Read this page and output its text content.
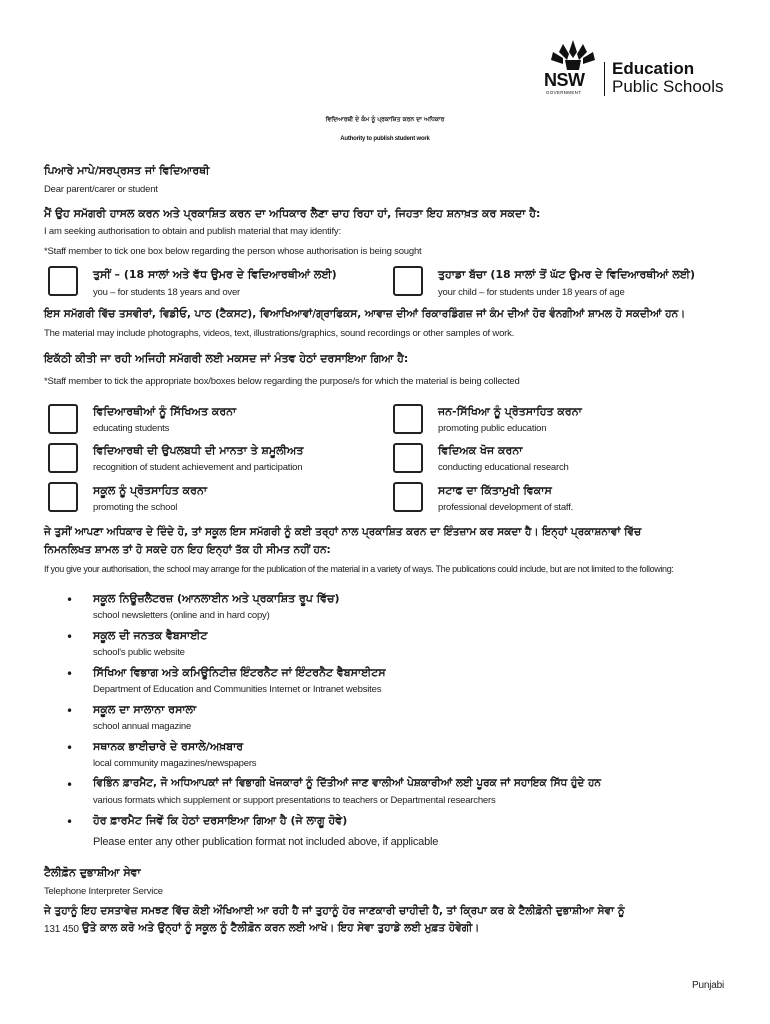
NSW
GOVERNMENT
Education
Public Schools
ਵਿਦਿਆਰਥੀ ਦੇ ਕੰਮ ਨੂੰ ਪ੍ਰਕਾਸ਼ਿਤ ਕਰਨ ਦਾ ਅਧਿਕਾਰ
Authority to publish student work
ਪਿਆਰੇ ਮਾਪੇ/ਸਰਪ੍ਰਸਤ ਜਾਂ ਵਿਦਿਆਰਥੀ
Dear parent/carer or student
ਮੈਂ ਉਹ ਸਮੱਗਰੀ ਹਾਸਲ ਕਰਨ ਅਤੇ ਪ੍ਰਕਾਸ਼ਿਤ ਕਰਨ ਦਾ ਅਧਿਕਾਰ ਲੈਣਾ ਚਾਹ ਰਿਹਾ ਹਾਂ, ਜਿਹਤਾ ਇਹ ਸ਼ਨਾਖ਼ਤ ਕਰ ਸਕਦਾ ਹੈ:
I am seeking authorisation to obtain and publish material that may identify:
*Staff member to tick one box below regarding the person whose authorisation is being sought
ਤੁਸੀਂ – (18 ਸਾਲਾਂ ਅਤੇ ਵੱਧ ਉਮਰ ਦੇ ਵਿਦਿਆਰਥੀਆਂ ਲਈ)
you – for students 18 years and over
ਤੁਹਾਡਾ ਬੱਚਾ (18 ਸਾਲਾਂ ਤੋਂ ਘੱਟ ਉਮਰ ਦੇ ਵਿਦਿਆਰਥੀਆਂ ਲਈ)
your child – for students under 18 years of age
ਇਸ ਸਮੱਗਰੀ ਵਿੱਚ ਤਸਵੀਰਾਂ, ਵਿਡੀਓ, ਪਾਠ (ਟੈਕਸਟ), ਵਿਆਖਿਆਵਾਂ/ਗ੍ਰਾਫਿਕਸ, ਆਵਾਜ਼ ਦੀਆਂ ਰਿਕਾਰਡਿੰਗਜ਼ ਜਾਂ ਕੰਮ ਦੀਆਂ ਹੋਰ ਵੰਨਗੀਆਂ ਸ਼ਾਮਲ ਹੋ ਸਕਦੀਆਂ ਹਨ।
The material may include photographs, videos, text, illustrations/graphics, sound recordings or other samples of work.
ਇਕੱਠੀ ਕੀਤੀ ਜਾ ਰਹੀ ਅਜਿਹੀ ਸਮੱਗਰੀ ਲਈ ਮਕਸਦ ਜਾਂ ਮੰਤਵ ਹੇਠਾਂ ਦਰਸਾਇਆ ਗਿਆ ਹੈ:
*Staff member to tick the appropriate box/boxes below regarding the purpose/s for which the material is being collected
ਵਿਦਿਆਰਥੀਆਂ ਨੂੰ ਸਿੱਖਿਅਤ ਕਰਨਾ
educating students
ਜਨ-ਸਿੱਖਿਆ ਨੂੰ ਪ੍ਰੋਤਸਾਹਿਤ ਕਰਨਾ
promoting public education
ਵਿਦਿਆਰਥੀ ਦੀ ਉਪਲਬਧੀ ਦੀ ਮਾਨਤਾ ਤੇ ਸ਼ਮੂਲੀਅਤ
recognition of student achievement and participation
ਵਿਦਿਅਕ ਖੋਜ ਕਰਨਾ
conducting educational research
ਸਕੂਲ ਨੂੰ ਪ੍ਰੋਤਸਾਹਿਤ ਕਰਨਾ
promoting the school
ਸਟਾਫ ਦਾ ਕਿੱਤਾਮੁਖੀ ਵਿਕਾਸ
professional development of staff.
ਜੇ ਤੁਸੀਂ ਆਪਣਾ ਅਧਿਕਾਰ ਦੇ ਦਿੰਦੇ ਹੋ, ਤਾਂ ਸਕੂਲ ਇਸ ਸਮੱਗਰੀ ਨੂੰ ਕਈ ਤਰ੍ਹਾਂ ਨਾਲ ਪ੍ਰਕਾਸ਼ਿਤ ਕਰਨ ਦਾ ਇੰਤਜ਼ਾਮ ਕਰ ਸਕਦਾ ਹੈ। ਇਨ੍ਹਾਂ ਪ੍ਰਕਾਸ਼ਨਾਵਾਂ ਵਿੱਚ
ਨਿਮਨਲਿਖਤ ਸ਼ਾਮਲ ਤਾਂ ਹੋ ਸਕਦੇ ਹਨ ਇਹ ਇਨ੍ਹਾਂ ਤੱਕ ਹੀ ਸੀਮਤ ਨਹੀਂ ਹਨ:
If you give your authorisation, the school may arrange for the publication of the material in a variety of ways. The publications could include, but are not limited to the following:
• ਸਕੂਲ ਨਿਊਜ਼ਲੈਟਰਜ਼ (ਆਨਲਾਈਨ ਅਤੇ ਪ੍ਰਕਾਸ਼ਿਤ ਰੂਪ ਵਿੱਚ)
school newsletters (online and in hard copy)
• ਸਕੂਲ ਦੀ ਜਨਤਕ ਵੈਬਸਾਈਟ
school's public website
• ਸਿੱਖਿਆ ਵਿਭਾਗ ਅਤੇ ਕਮਿਊਨਿਟੀਜ਼ ਇੰਟਰਨੈਟ ਜਾਂ ਇੰਟਰਨੈਟ ਵੈਬਸਾਈਟਸ
Department of Education and Communities Internet or Intranet websites
• ਸਕੂਲ ਦਾ ਸਾਲਾਨਾ ਰਸਾਲਾ
school annual magazine
• ਸਥਾਨਕ ਭਾਈਚਾਰੇ ਦੇ ਰਸਾਲੇ/ਅਖ਼ਬਾਰ
local community magazines/newspapers
• ਵਿਭਿੰਨ ਫ਼ਾਰਮੈਟ, ਜੋ ਅਧਿਆਪਕਾਂ ਜਾਂ ਵਿਭਾਗੀ ਖੋਜਕਾਰਾਂ ਨੂੰ ਦਿੱਤੀਆਂ ਜਾਣ ਵਾਲੀਆਂ ਪੇਸ਼ਕਾਰੀਆਂ ਲਈ ਪੂਰਕ ਜਾਂ ਸਹਾਇਕ ਸਿੱਧ ਹੁੰਦੇ ਹਨ
various formats which supplement or support presentations to teachers or Departmental researchers
• ਹੋਰ ਫ਼ਾਰਮੈਟ ਜਿਵੇਂ ਕਿ ਹੇਠਾਂ ਦਰਸਾਇਆ ਗਿਆ ਹੈ (ਜੇ ਲਾਗੂ ਹੋਵੇ)
Please enter any other publication format not included above, if applicable
ਟੈਲੀਫ਼ੋਨ ਦੁਭਾਸ਼ੀਆ ਸੇਵਾ
Telephone Interpreter Service
ਜੇ ਤੁਹਾਨੂੰ ਇਹ ਦਸਤਾਵੇਜ਼ ਸਮਝਣ ਵਿੱਚ ਕੋਈ ਔਖਿਆਈ ਆ ਰਹੀ ਹੈ ਜਾਂ ਤੁਹਾਨੂੰ ਹੋਰ ਜਾਣਕਾਰੀ ਚਾਹੀਦੀ ਹੈ, ਤਾਂ ਕ੍ਰਿਪਾ ਕਰ ਕੇ ਟੈਲੀਫ਼ੋਨੀ ਦੁਭਾਸ਼ੀਆ ਸੇਵਾ ਨੂੰ
131 450 ਉਤੇ ਕਾਲ ਕਰੋ ਅਤੇ ਉਨ੍ਹਾਂ ਨੂੰ ਸਕੂਲ ਨੂੰ ਟੈਲੀਫ਼ੋਨ ਕਰਨ ਲਈ ਆਖੋ। ਇਹ ਸੇਵਾ ਤੁਹਾਡੇ ਲਈ ਮੁਫ਼ਤ ਹੋਵੇਗੀ।
Punjabi
